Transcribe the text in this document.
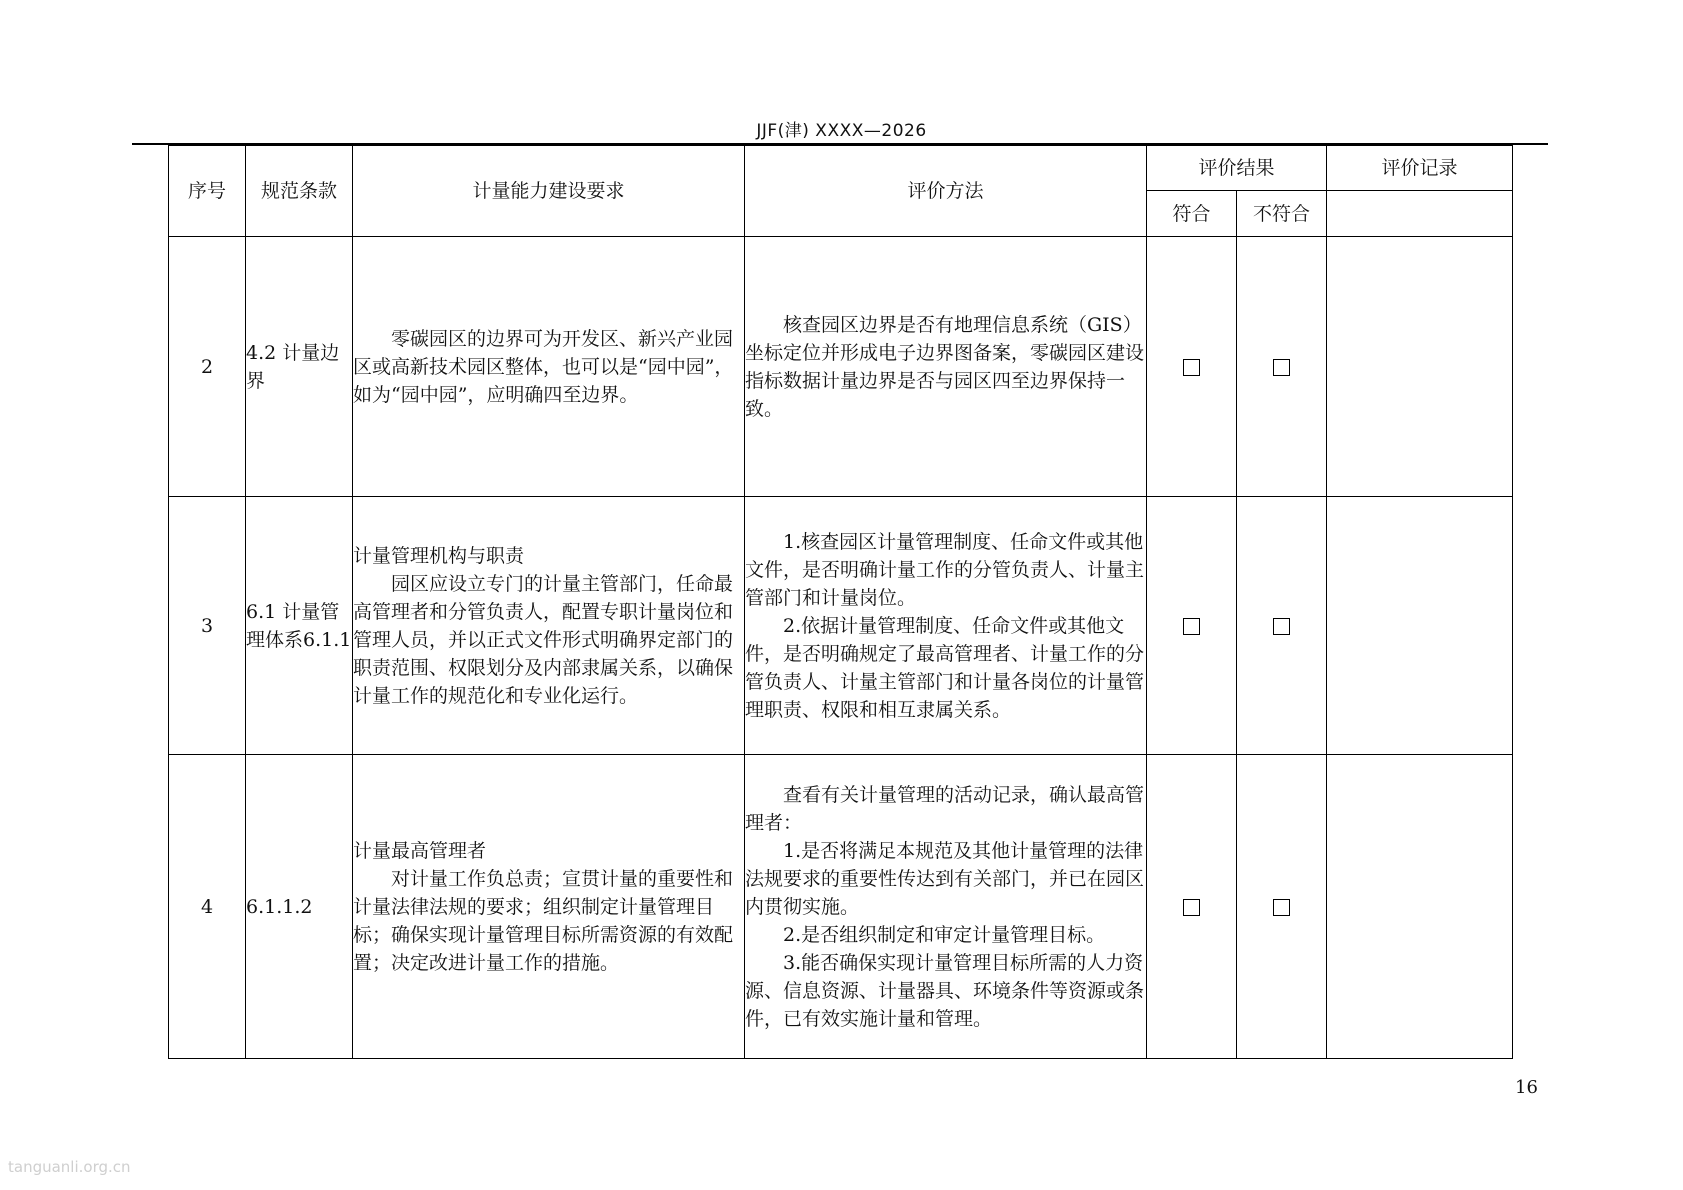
JJF(津) XXXX—2026
序号	规范条款	计量能力建设要求	评价方法	评价结果		评价记录
				符合	不符合	
2	4.2 计量边界	零碳园区的边界可为开发区、新兴产业园区或高新技术园区整体，也可以是“园中园”，如为“园中园”，应明确四至边界。	核查园区边界是否有地理信息系统（GIS）坐标定位并形成电子边界图备案，零碳园区建设指标数据计量边界是否与园区四至边界保持一致。			

3	6.1 计量管理体系6.1.1	计量管理机构与职责
园区应设立专门的计量主管部门，任命最高管理者和分管负责人，配置专职计量岗位和管理人员，并以正式文件形式明确界定部门的职责范围、权限划分及内部隶属关系，以确保计量工作的规范化和专业化运行。	1.核查园区计量管理制度、任命文件或其他文件，是否明确计量工作的分管负责人、计量主管部门和计量岗位。
2.依据计量管理制度、任命文件或其他文件，是否明确规定了最高管理者、计量工作的分管负责人、计量主管部门和计量各岗位的计量管理职责、权限和相互隶属关系。			

4	6.1.1.2	计量最高管理者
对计量工作负总责；宣贯计量的重要性和计量法律法规的要求；组织制定计量管理目标；确保实现计量管理目标所需资源的有效配置；决定改进计量工作的措施。	查看有关计量管理的活动记录，确认最高管理者：
1.是否将满足本规范及其他计量管理的法律法规要求的重要性传达到有关部门，并已在园区内贯彻实施。
2.是否组织制定和审定计量管理目标。
3.能否确保实现计量管理目标所需的人力资源、信息资源、计量器具、环境条件等资源或条件，已有效实施计量和管理。			

16
tanguanli.org.cn
